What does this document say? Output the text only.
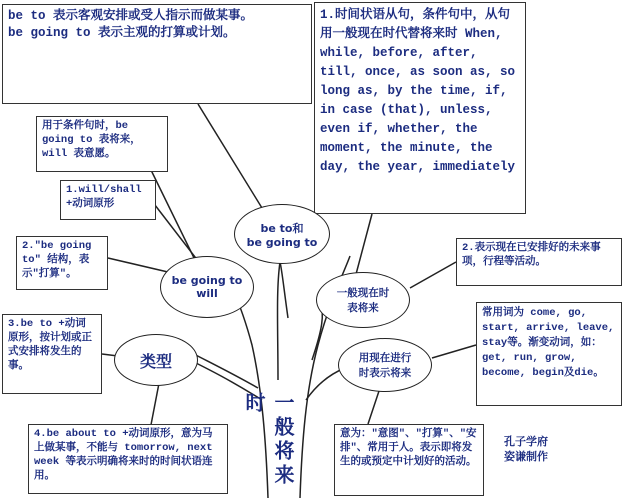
be to 表示客观安排或受人指示而做某事。
be going to 表示主观的打算或计划。
1.时间状语从句，条件句中，从句用一般现在时代替将来时 When, while, before, after, till, once, as soon as, so long as, by the time, if, in case (that), unless, even if, whether, the moment, the minute, the day, the year, immediately
用于条件句时，be going to 表将来，will 表意愿。
1.will/shall +动词原形
2."be going to" 结构，表示"打算"。
3.be to +动词原形，按计划或正式安排将发生的事。
4.be about to +动词原形，意为马上做某事，不能与 tomorrow, next week 等表示明确将来时的时间状语连用。
2.表示现在已安排好的未来事项，行程等活动。
常用词为 come, go, start, arrive, leave, stay等。渐变动词，如：get, run, grow, become, begin及die。
意为："意图"、"打算"、"安排"、常用于人。表示即将发生的或预定中计划好的活动。
孔子学府
姿谦制作
be to和
be going to
be going to
will
类型
一般现在时
表将来
用现在进行
时表示将来
一般将来时
